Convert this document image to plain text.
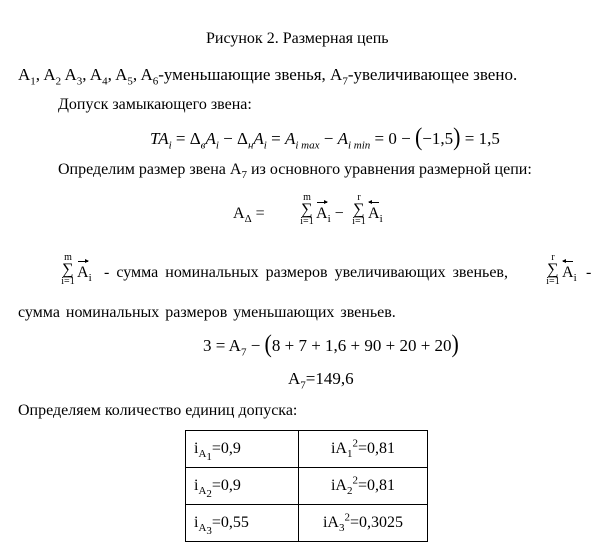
Рисунок 2. Размерная цепь
$A_1$, $A_2$ $A_3$, $A_4$, $A_5$, $A_6$-уменьшающие звенья, $A_7$-увеличивающее звено.
Допуск замыкающего звена:
$TA_i = \Delta_вA_i - \Delta_нA_i = A_{i max} - A_{i min} = 0 - (-1,5) = 1,5$
Определим размер звена $А_7$ из основного уравнения размерной цепи:
$A_\Delta$ =
m
∑
i=1 $A_i$ −
r
∑
i=1 $A_i$
m
∑
i=1
$A_i$ - сумма номинальных размеров увеличивающих звеньев,
r
∑
i=1
$A_i$ -
сумма номинальных размеров уменьшающих звеньев.
$3 = A_7 - (8 + 7 + 1,6 + 90 + 20 + 20)$
$A_7=149,6$
Определяем количество единиц допуска:
$i_{A_1}=0,9$	$iA_1^2=0,81$
$i_{A_2}=0,9$	$iA_2^2=0,81$
$i_{A_3}=0,55$	$iA_3^2=0,3025$
